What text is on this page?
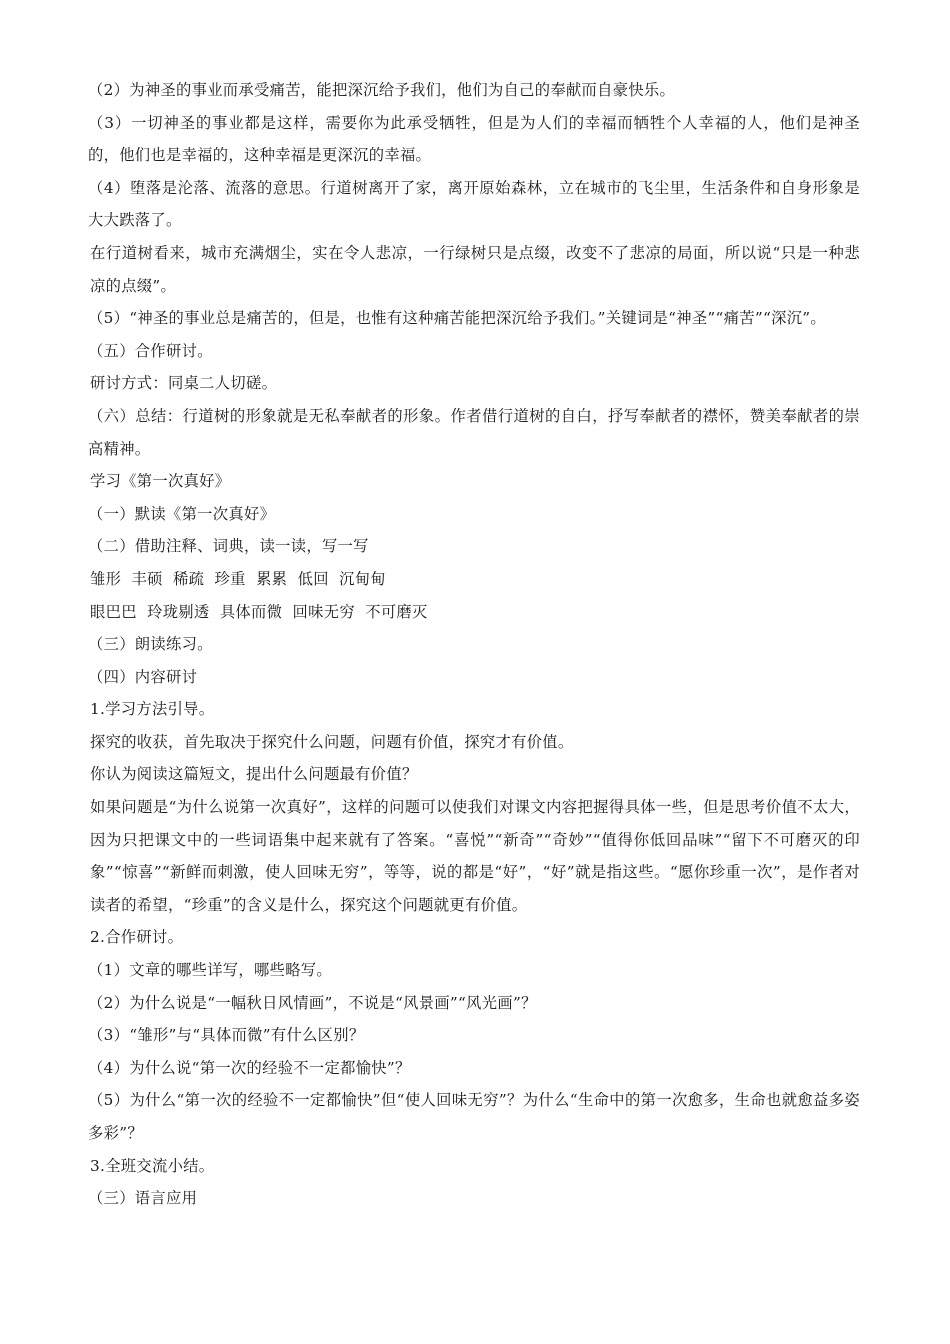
（2）为神圣的事业而承受痛苦，能把深沉给予我们，他们为自己的奉献而自豪快乐。

（3）一切神圣的事业都是这样，需要你为此承受牺牲，但是为人们的幸福而牺牲个人幸福的人，他们是神圣的，他们也是幸福的，这种幸福是更深沉的幸福。

（4）堕落是沦落、流落的意思。行道树离开了家，离开原始森林，立在城市的飞尘里，生活条件和自身形象是大大跌落了。

在行道树看来，城市充满烟尘，实在令人悲凉，一行绿树只是点缀，改变不了悲凉的局面，所以说“只是一种悲凉的点缀”。

（5）“神圣的事业总是痛苦的，但是，也惟有这种痛苦能把深沉给予我们。”关键词是“神圣”“痛苦”“深沉”。

（五）合作研讨。

研讨方式：同桌二人切磋。

（六）总结：行道树的形象就是无私奉献者的形象。作者借行道树的自白，抒写奉献者的襟怀，赞美奉献者的崇高精神。

学习《第一次真好》

（一）默读《第一次真好》

（二）借助注释、词典，读一读，写一写

雏形  丰硕  稀疏  珍重  累累  低回  沉甸甸

眼巴巴  玲珑剔透  具体而微  回味无穷  不可磨灭

（三）朗读练习。

（四）内容研讨

1.学习方法引导。

探究的收获，首先取决于探究什么问题，问题有价值，探究才有价值。

你认为阅读这篇短文，提出什么问题最有价值？

如果问题是“为什么说第一次真好”，这样的问题可以使我们对课文内容把握得具体一些，但是思考价值不太大，因为只把课文中的一些词语集中起来就有了答案。“喜悦”“新奇”“奇妙”“值得你低回品味”“留下不可磨灭的印象”“惊喜”“新鲜而刺激，使人回味无穷”，等等，说的都是“好”，“好”就是指这些。“愿你珍重一次”，是作者对读者的希望，“珍重”的含义是什么，探究这个问题就更有价值。

2.合作研讨。

（1）文章的哪些详写，哪些略写。

（2）为什么说是“一幅秋日风情画”，不说是“风景画”“风光画”？

（3）“雏形”与“具体而微”有什么区别？

（4）为什么说“第一次的经验不一定都愉快”？

（5）为什么“第一次的经验不一定都愉快”但“使人回味无穷”？为什么“生命中的第一次愈多，生命也就愈益多姿多彩”？

3.全班交流小结。

（三）语言应用
